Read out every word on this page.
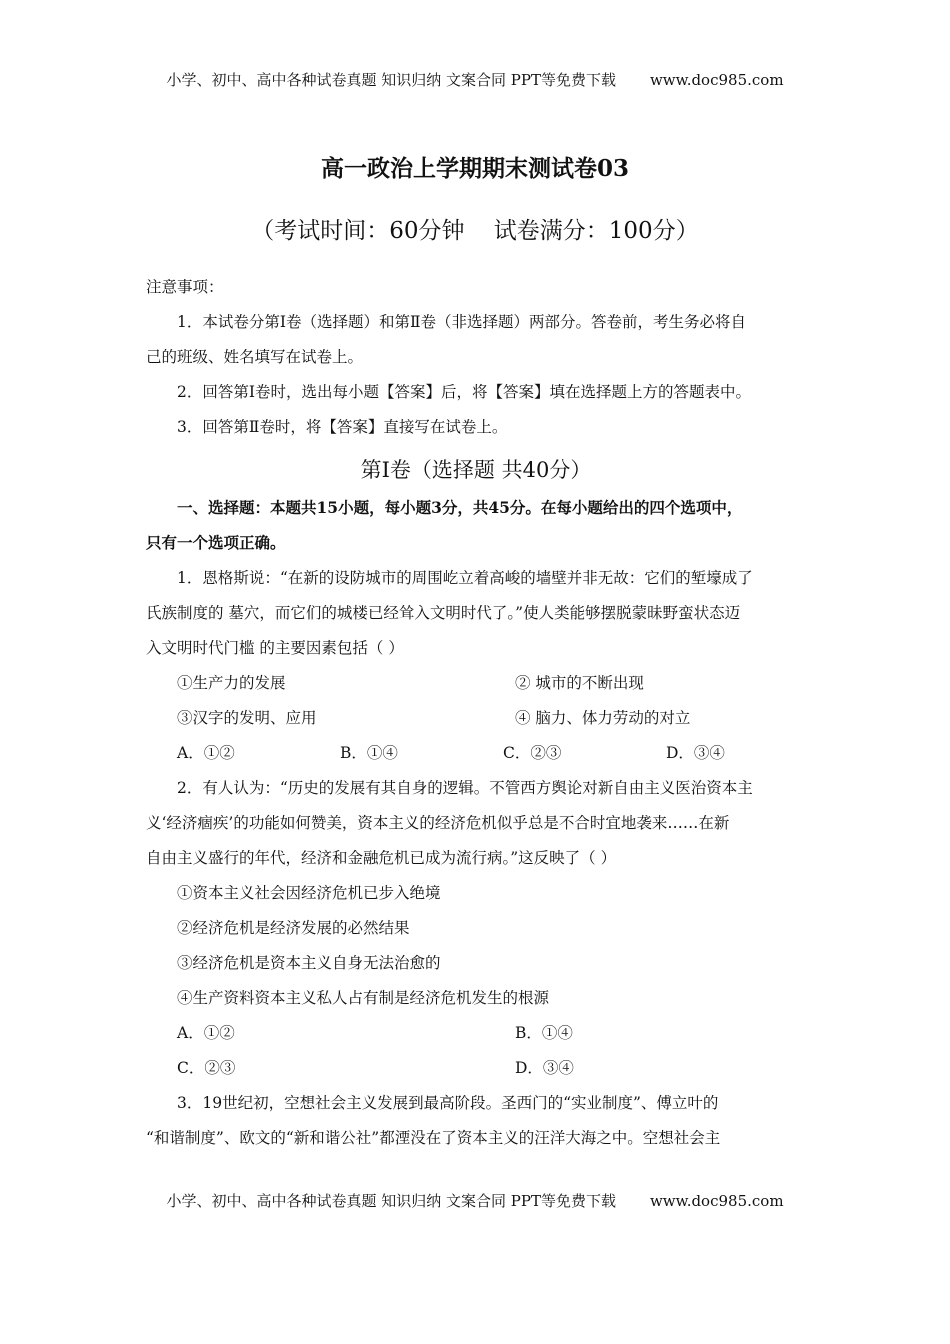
小学、初中、高中各种试卷真题 知识归纳 文案合同 PPT等免费下载 www.doc985.com
高一政治上学期期末测试卷03
（考试时间：60分钟    试卷满分：100分）
注意事项：
1．本试卷分第Ⅰ卷（选择题）和第Ⅱ卷（非选择题）两部分。答卷前，考生务必将自
己的班级、姓名填写在试卷上。
2．回答第Ⅰ卷时，选出每小题【答案】后，将【答案】填在选择题上方的答题表中。
3．回答第Ⅱ卷时，将【答案】直接写在试卷上。
第Ⅰ卷（选择题 共40分）
一、选择题：本题共15小题，每小题3分，共45分。在每小题给出的四个选项中，
只有一个选项正确。
1．恩格斯说：“在新的设防城市的周围屹立着高峻的墙壁并非无故：它们的堑壕成了
氏族制度的 墓穴，而它们的城楼已经耸入文明时代了。”使人类能够摆脱蒙昧野蛮状态迈
入文明时代门槛 的主要因素包括（ ）
①生产力的发展	② 城市的不断出现
③汉字的发明、应用	④ 脑力、体力劳动的对立
A．①②	B．①④	C．②③	D．③④
2．有人认为：“历史的发展有其自身的逻辑。不管西方舆论对新自由主义医治资本主
义‘经济痼疾’的功能如何赞美，资本主义的经济危机似乎总是不合时宜地袭来……在新
自由主义盛行的年代，经济和金融危机已成为流行病。”这反映了（ ）
①资本主义社会因经济危机已步入绝境
②经济危机是经济发展的必然结果
③经济危机是资本主义自身无法治愈的
④生产资料资本主义私人占有制是经济危机发生的根源
A．①②	B．①④
C．②③	D．③④
3．19世纪初，空想社会主义发展到最高阶段。圣西门的“实业制度”、傅立叶的
“和谐制度”、欧文的“新和谐公社”都湮没在了资本主义的汪洋大海之中。空想社会主
小学、初中、高中各种试卷真题 知识归纳 文案合同 PPT等免费下载 www.doc985.com
